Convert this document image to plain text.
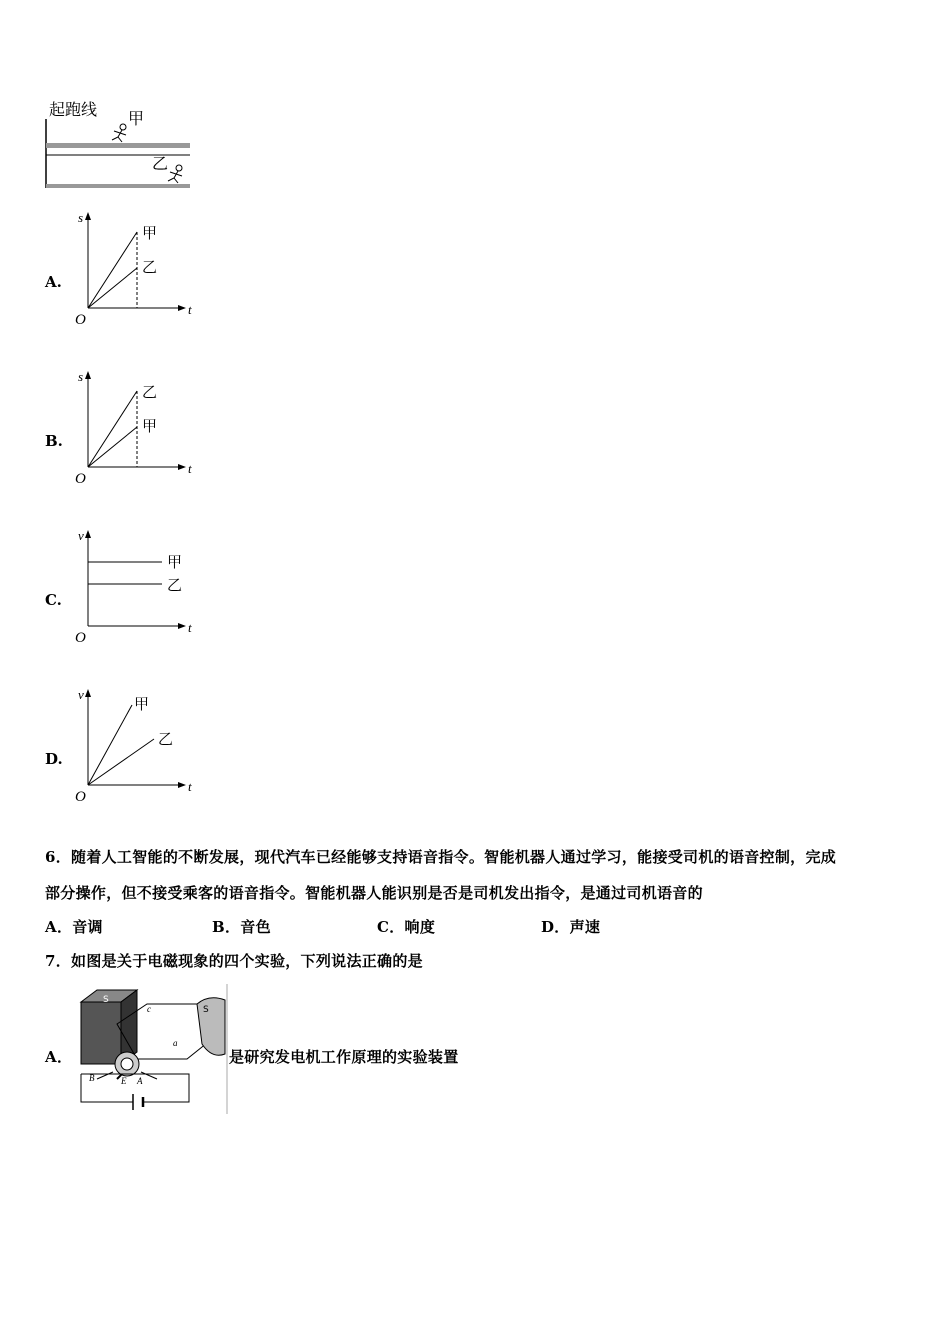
起跑线 甲
乙
A.
s
t
O
甲
乙
B.
s
t
O
乙
甲
C.
v
t
O
甲
乙
D.
v
t
O
甲
乙
6．随着人工智能的不断发展，现代汽车已经能够支持语音指令。智能机器人通过学习，能接受司机的语音控制，完成
部分操作，但不接受乘客的语音指令。智能机器人能识别是否是司机发出指令，是通过司机语音的
A．音调	B．音色	C．响度	D．声速
7．如图是关于电磁现象的四个实验，下列说法正确的是
A．
S
S
c
a
B	E A
是研究发电机工作原理的实验装置
